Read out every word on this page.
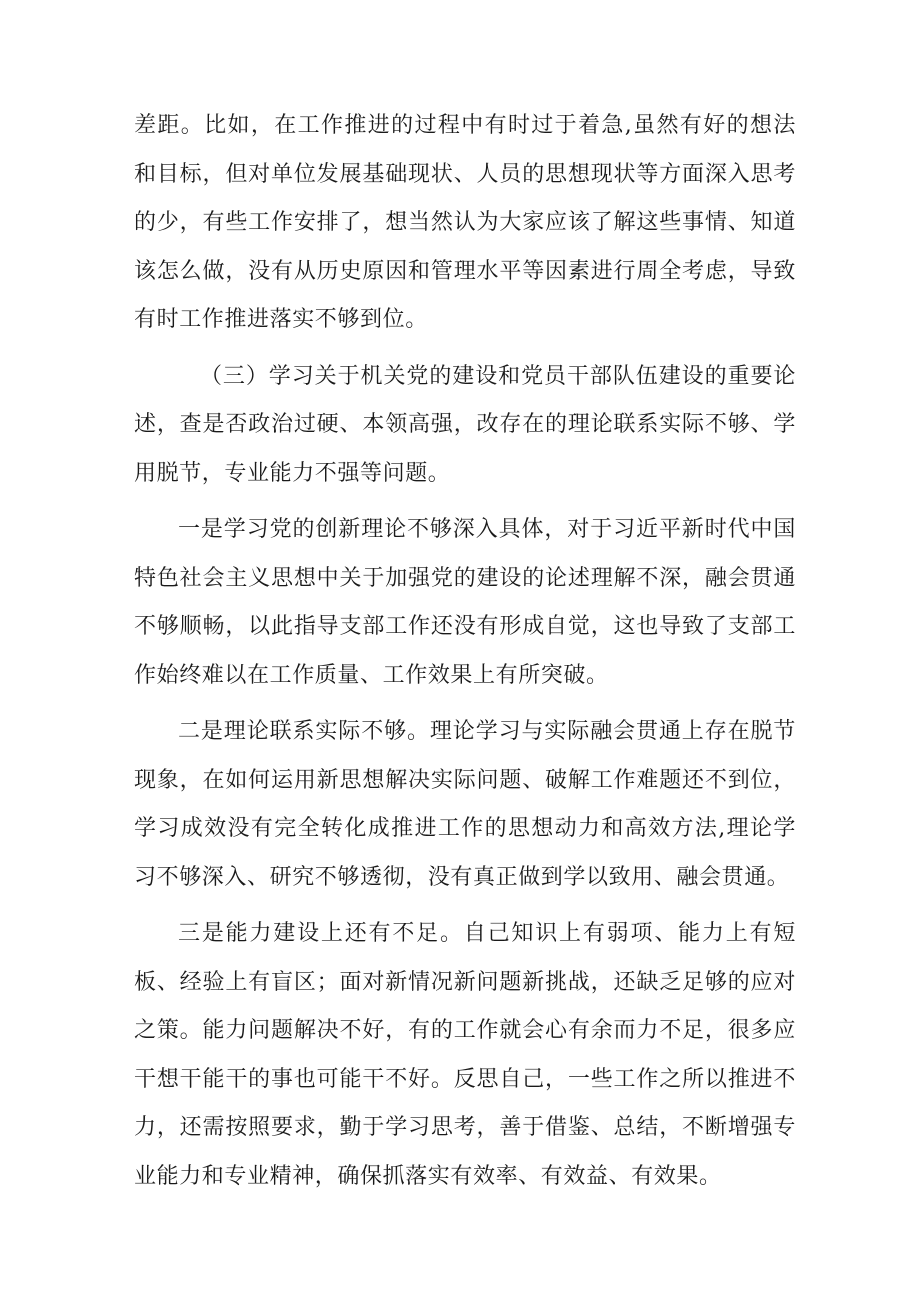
差距。比如，在工作推进的过程中有时过于着急,虽然有好的想法和目标，但对单位发展基础现状、人员的思想现状等方面深入思考的少，有些工作安排了，想当然认为大家应该了解这些事情、知道该怎么做，没有从历史原因和管理水平等因素进行周全考虑，导致有时工作推进落实不够到位。

（三）学习关于机关党的建设和党员干部队伍建设的重要论述，查是否政治过硬、本领高强，改存在的理论联系实际不够、学用脱节，专业能力不强等问题。

一是学习党的创新理论不够深入具体，对于习近平新时代中国特色社会主义思想中关于加强党的建设的论述理解不深，融会贯通不够顺畅，以此指导支部工作还没有形成自觉，这也导致了支部工作始终难以在工作质量、工作效果上有所突破。

二是理论联系实际不够。理论学习与实际融会贯通上存在脱节现象，在如何运用新思想解决实际问题、破解工作难题还不到位，学习成效没有完全转化成推进工作的思想动力和高效方法,理论学习不够深入、研究不够透彻，没有真正做到学以致用、融会贯通。

三是能力建设上还有不足。自己知识上有弱项、能力上有短板、经验上有盲区；面对新情况新问题新挑战，还缺乏足够的应对之策。能力问题解决不好，有的工作就会心有余而力不足，很多应干想干能干的事也可能干不好。反思自己，一些工作之所以推进不力，还需按照要求，勤于学习思考，善于借鉴、总结，不断增强专业能力和专业精神，确保抓落实有效率、有效益、有效果。
